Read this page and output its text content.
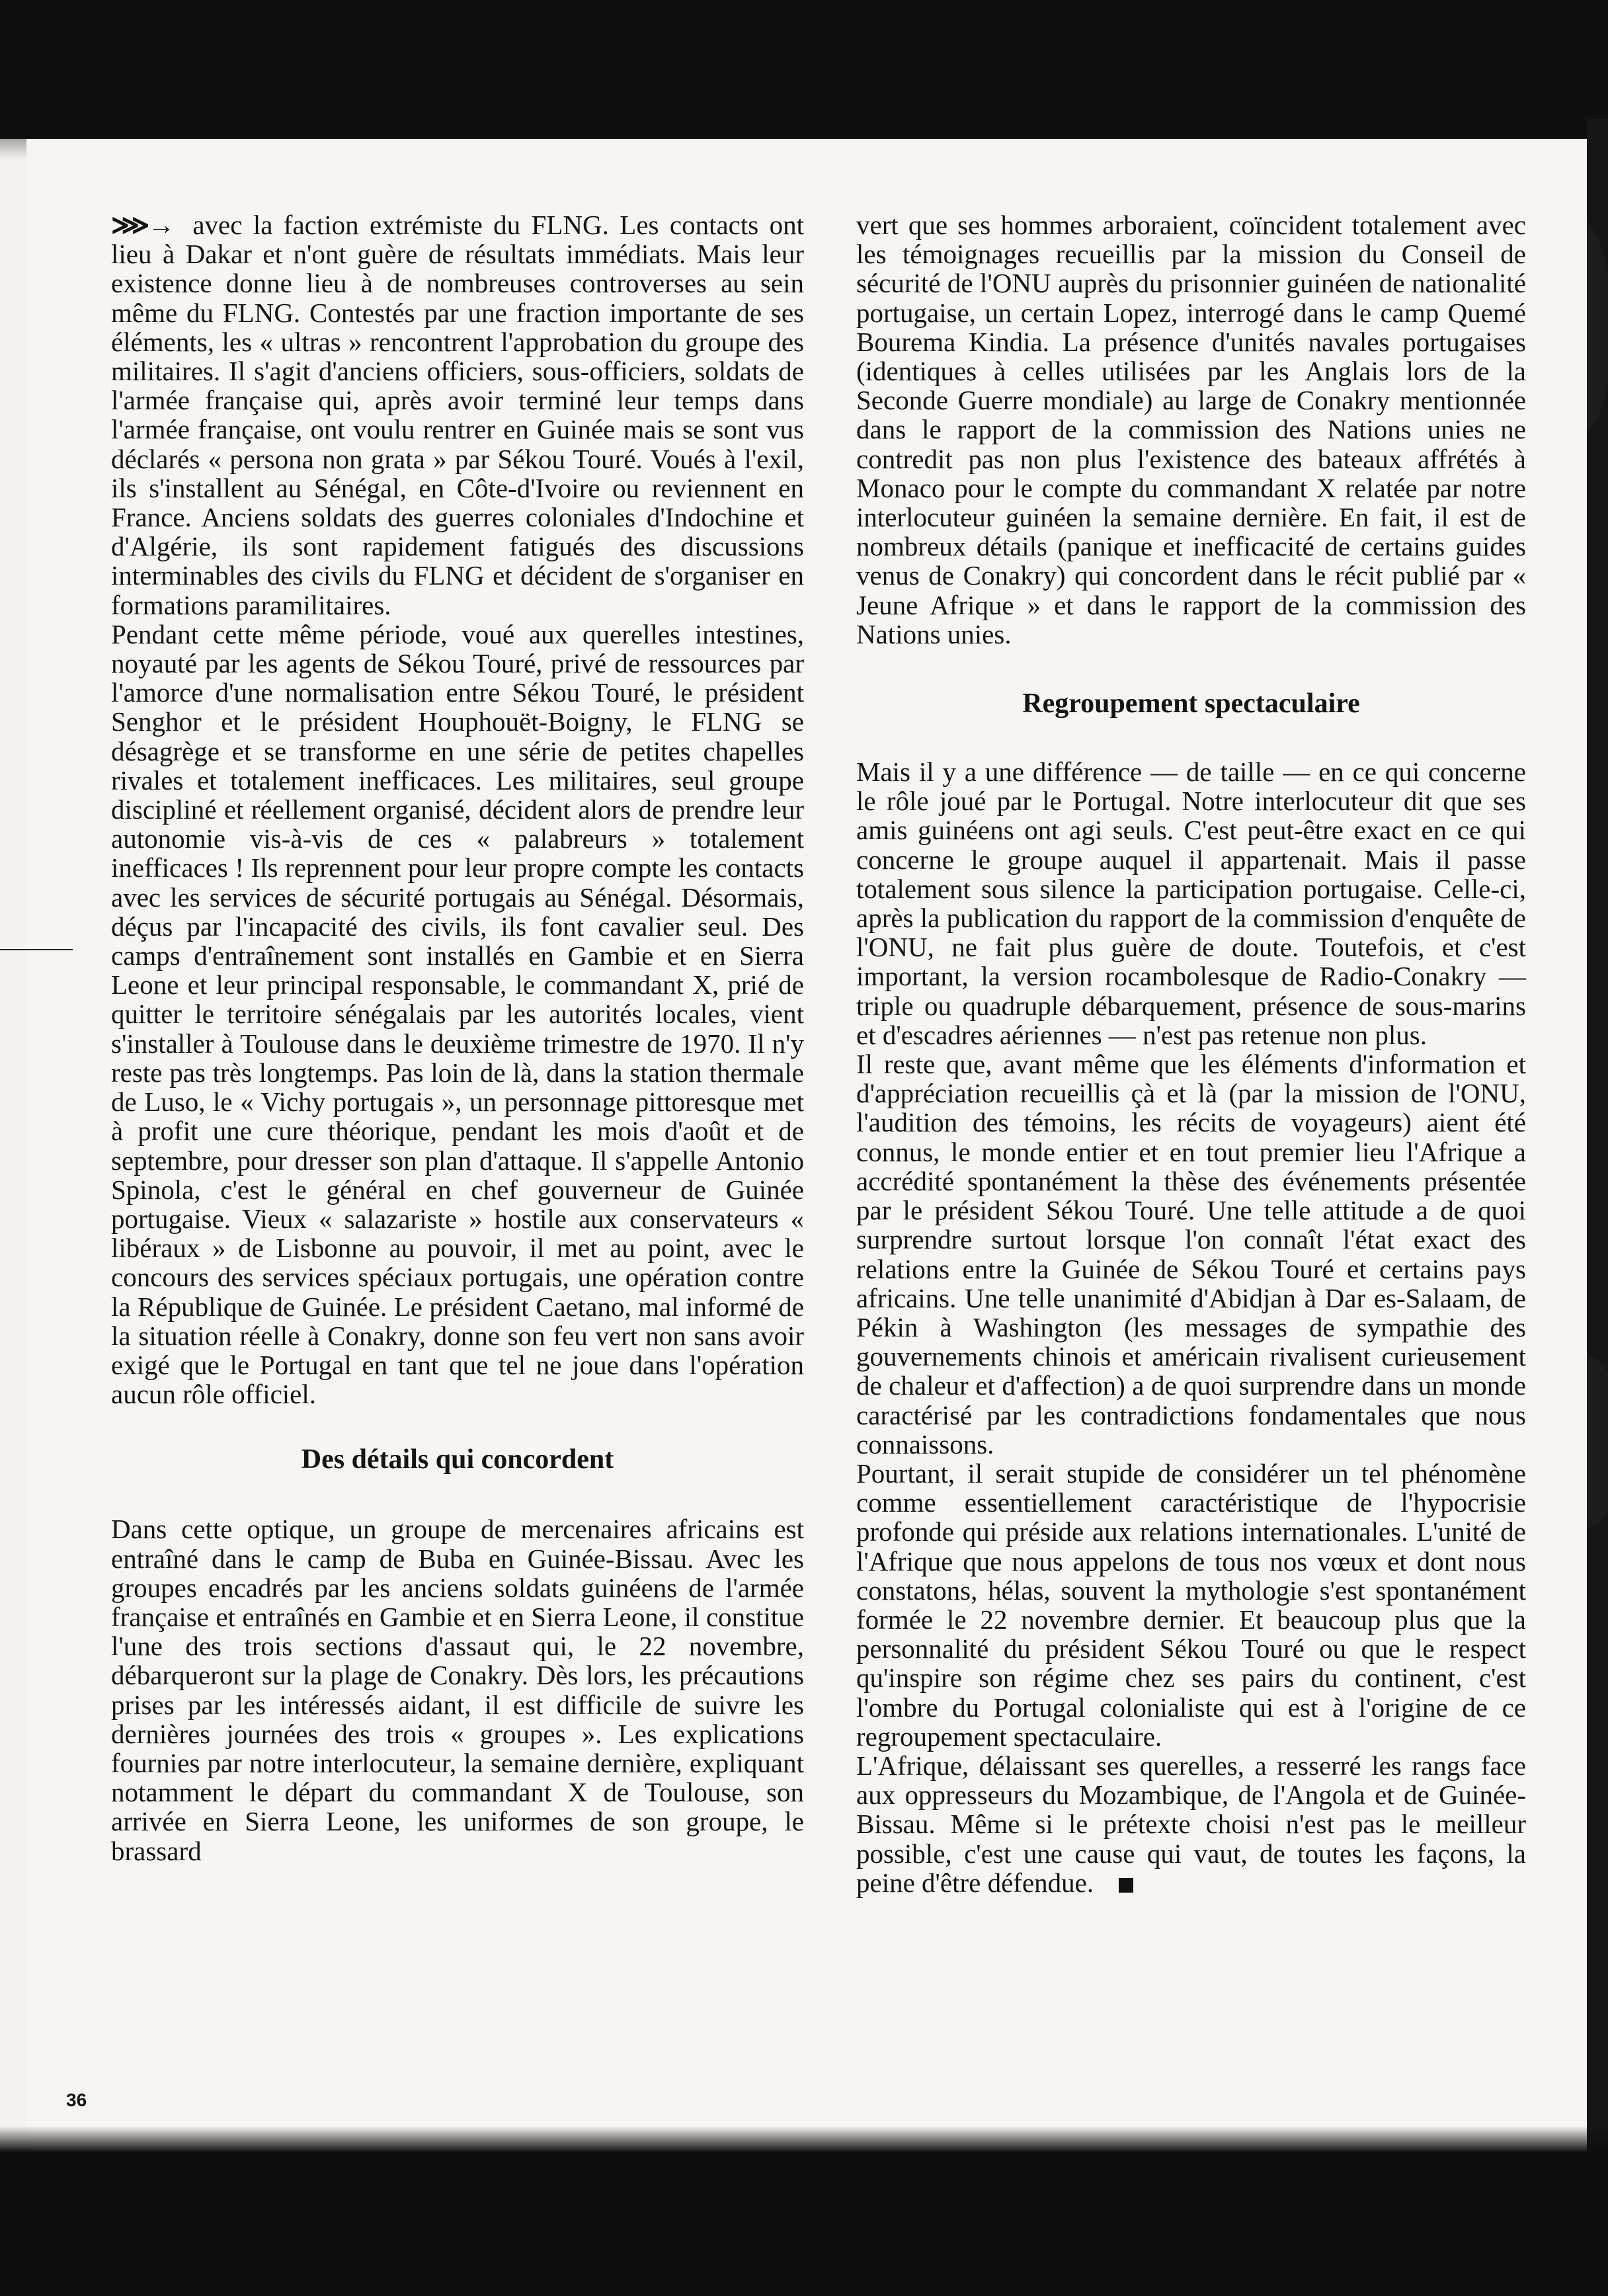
⋙→ avec la faction extrémiste du FLNG. Les contacts ont lieu à Dakar et n'ont guère de résultats immédiats. Mais leur existence donne lieu à de nombreuses controverses au sein même du FLNG. Contestés par une fraction importante de ses éléments, les « ultras » rencontrent l'approbation du groupe des militaires. Il s'agit d'anciens officiers, sous-officiers, soldats de l'armée française qui, après avoir terminé leur temps dans l'armée française, ont voulu rentrer en Guinée mais se sont vus déclarés « persona non grata » par Sékou Touré. Voués à l'exil, ils s'installent au Sénégal, en Côte-d'Ivoire ou reviennent en France. Anciens soldats des guerres coloniales d'Indochine et d'Algérie, ils sont rapidement fatigués des discussions interminables des civils du FLNG et décident de s'organiser en formations paramilitaires.

Pendant cette même période, voué aux querelles intestines, noyauté par les agents de Sékou Touré, privé de ressources par l'amorce d'une normalisation entre Sékou Touré, le président Senghor et le président Houphouët-Boigny, le FLNG se désagrège et se transforme en une série de petites chapelles rivales et totalement inefficaces. Les militaires, seul groupe discipliné et réellement organisé, décident alors de prendre leur autonomie vis-à-vis de ces « palabreurs » totalement inefficaces ! Ils reprennent pour leur propre compte les contacts avec les services de sécurité portugais au Sénégal. Désormais, déçus par l'incapacité des civils, ils font cavalier seul. Des camps d'entraînement sont installés en Gambie et en Sierra Leone et leur principal responsable, le commandant X, prié de quitter le territoire sénégalais par les autorités locales, vient s'installer à Toulouse dans le deuxième trimestre de 1970. Il n'y reste pas très longtemps. Pas loin de là, dans la station thermale de Luso, le « Vichy portugais », un personnage pittoresque met à profit une cure théorique, pendant les mois d'août et de septembre, pour dresser son plan d'attaque. Il s'appelle Antonio Spinola, c'est le général en chef gouverneur de Guinée portugaise. Vieux « salazariste » hostile aux conservateurs « libéraux » de Lisbonne au pouvoir, il met au point, avec le concours des services spéciaux portugais, une opération contre la République de Guinée. Le président Caetano, mal informé de la situation réelle à Conakry, donne son feu vert non sans avoir exigé que le Portugal en tant que tel ne joue dans l'opération aucun rôle officiel.

Des détails qui concordent

Dans cette optique, un groupe de mercenaires africains est entraîné dans le camp de Buba en Guinée-Bissau. Avec les groupes encadrés par les anciens soldats guinéens de l'armée française et entraînés en Gambie et en Sierra Leone, il constitue l'une des trois sections d'assaut qui, le 22 novembre, débarqueront sur la plage de Conakry. Dès lors, les précautions prises par les intéressés aidant, il est difficile de suivre les dernières journées des trois « groupes ». Les explications fournies par notre interlocuteur, la semaine dernière, expliquant notamment le départ du commandant X de Toulouse, son arrivée en Sierra Leone, les uniformes de son groupe, le brassard

vert que ses hommes arboraient, coïncident totalement avec les témoignages recueillis par la mission du Conseil de sécurité de l'ONU auprès du prisonnier guinéen de nationalité portugaise, un certain Lopez, interrogé dans le camp Quemé Bourema Kindia. La présence d'unités navales portugaises (identiques à celles utilisées par les Anglais lors de la Seconde Guerre mondiale) au large de Conakry mentionnée dans le rapport de la commission des Nations unies ne contredit pas non plus l'existence des bateaux affrétés à Monaco pour le compte du commandant X relatée par notre interlocuteur guinéen la semaine dernière. En fait, il est de nombreux détails (panique et inefficacité de certains guides venus de Conakry) qui concordent dans le récit publié par « Jeune Afrique » et dans le rapport de la commission des Nations unies.

Regroupement spectaculaire

Mais il y a une différence — de taille — en ce qui concerne le rôle joué par le Portugal. Notre interlocuteur dit que ses amis guinéens ont agi seuls. C'est peut-être exact en ce qui concerne le groupe auquel il appartenait. Mais il passe totalement sous silence la participation portugaise. Celle-ci, après la publication du rapport de la commission d'enquête de l'ONU, ne fait plus guère de doute. Toutefois, et c'est important, la version rocambolesque de Radio-Conakry — triple ou quadruple débarquement, présence de sous-marins et d'escadres aériennes — n'est pas retenue non plus.

Il reste que, avant même que les éléments d'information et d'appréciation recueillis çà et là (par la mission de l'ONU, l'audition des témoins, les récits de voyageurs) aient été connus, le monde entier et en tout premier lieu l'Afrique a accrédité spontanément la thèse des événements présentée par le président Sékou Touré. Une telle attitude a de quoi surprendre surtout lorsque l'on connaît l'état exact des relations entre la Guinée de Sékou Touré et certains pays africains. Une telle unanimité d'Abidjan à Dar es-Salaam, de Pékin à Washington (les messages de sympathie des gouvernements chinois et américain rivalisent curieusement de chaleur et d'affection) a de quoi surprendre dans un monde caractérisé par les contradictions fondamentales que nous connaissons.

Pourtant, il serait stupide de considérer un tel phénomène comme essentiellement caractéristique de l'hypocrisie profonde qui préside aux relations internationales. L'unité de l'Afrique que nous appelons de tous nos vœux et dont nous constatons, hélas, souvent la mythologie s'est spontanément formée le 22 novembre dernier. Et beaucoup plus que la personnalité du président Sékou Touré ou que le respect qu'inspire son régime chez ses pairs du continent, c'est l'ombre du Portugal colonialiste qui est à l'origine de ce regroupement spectaculaire.

L'Afrique, délaissant ses querelles, a resserré les rangs face aux oppresseurs du Mozambique, de l'Angola et de Guinée-Bissau. Même si le prétexte choisi n'est pas le meilleur possible, c'est une cause qui vaut, de toutes les façons, la peine d'être défendue.

36
